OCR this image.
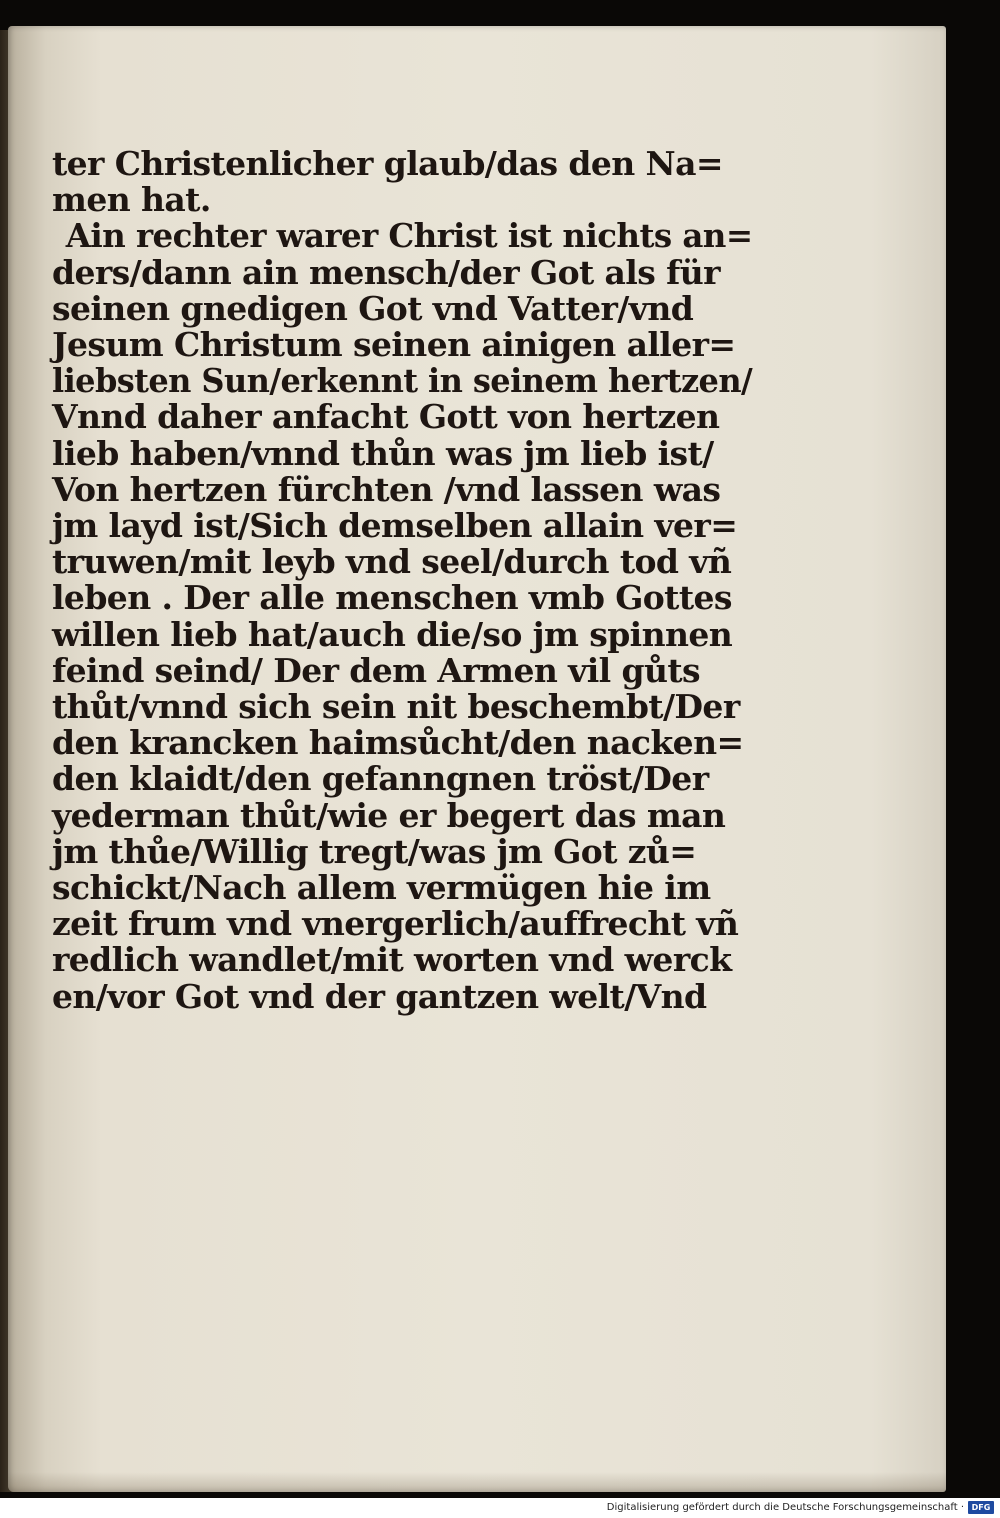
ter Christenlicher glaub/das den Na=
men hat.
Ain rechter warer Christ ist nichts an=
ders/dann ain mensch/der Got als für
seinen gnedigen Got vnd Vatter/vnd
Jesum Christum seinen ainigen aller=
liebsten Sun/erkennt in seinem hertzen/
Vnnd daher anfacht Gott von hertzen
lieb haben/vnnd thůn was jm lieb ist/
Von hertzen fürchten /vnd lassen was
jm layd ist/Sich demselben allain ver=
truwen/mit leyb vnd seel/durch tod vñ
leben . Der alle menschen vmb Gottes
willen lieb hat/auch die/so jm spinnen
feind seind/ Der dem Armen vil gůts
thůt/vnnd sich sein nit beschembt/Der
den krancken haimsůcht/den nacken=
den klaidt/den gefanngnen tröst/Der
yederman thůt/wie er begert das man
jm thůe/Willig tregt/was jm Got zů=
schickt/Nach allem vermügen hie im
zeit frum vnd vnergerlich/auffrecht vñ
redlich wandlet/mit worten vnd werck
en/vor Got vnd der gantzen welt/Vnd
Digitalisierung gefördert durch die Deutsche Forschungsgemeinschaft · DFG
